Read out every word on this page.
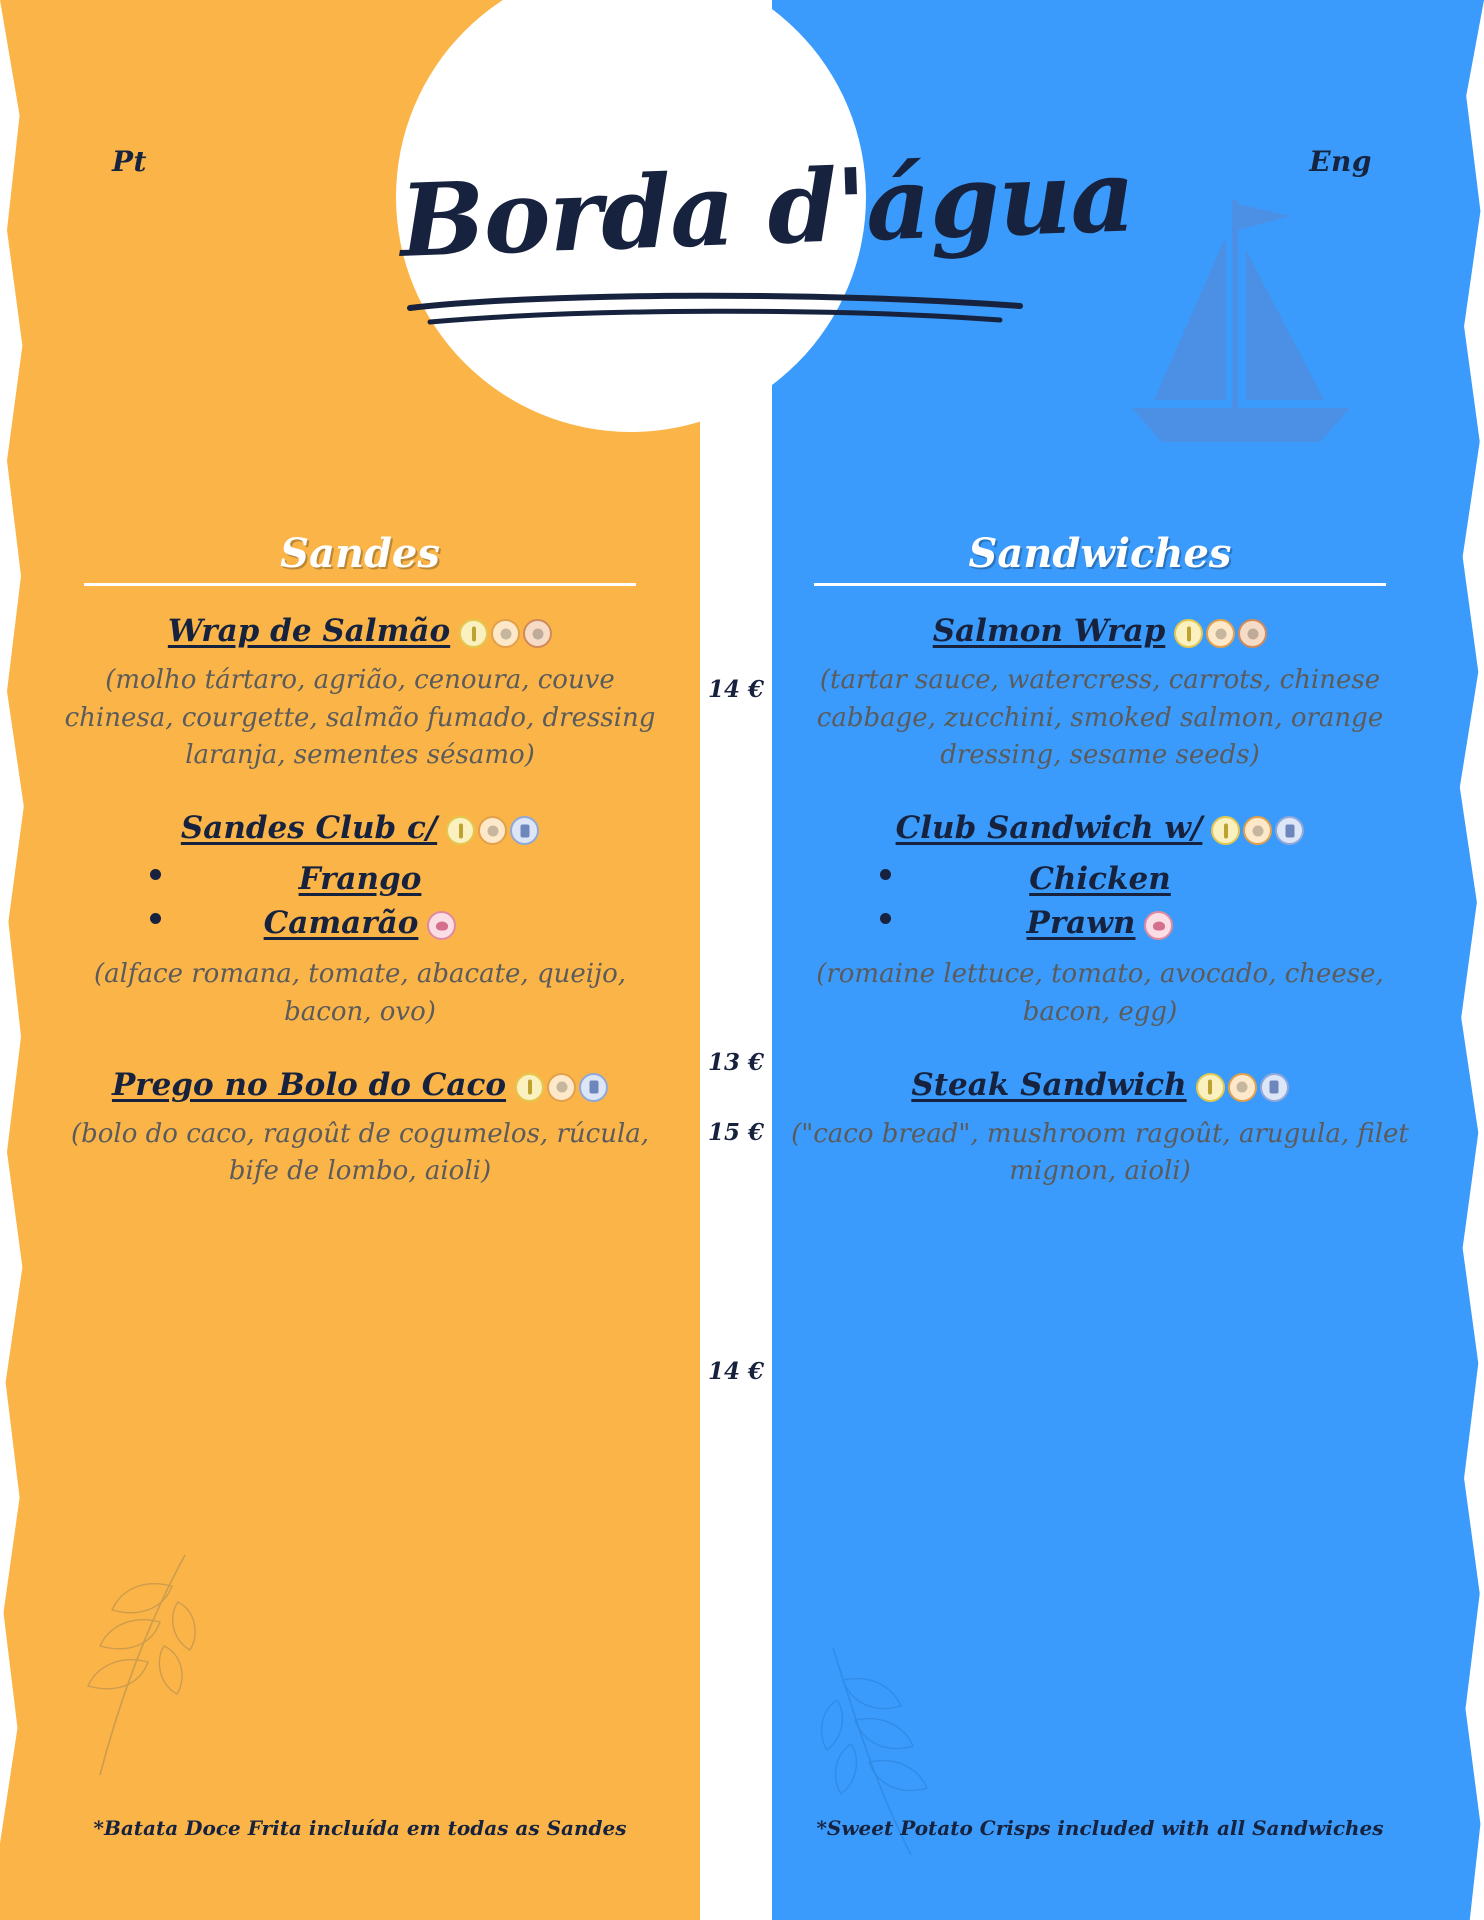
Pt	Eng
Borda d'água
Sandes
Wrap de Salmão
(molho tártaro, agrião, cenoura, couve chinesa, courgette, salmão fumado, dressing laranja, sementes sésamo)
Sandes Club c/
Frango
Camarão
(alface romana, tomate, abacate, queijo, bacon, ovo)
Prego no Bolo do Caco
(bolo do caco, ragoût de cogumelos, rúcula, bife de lombo, aioli)
Sandwiches
Salmon Wrap
(tartar sauce, watercress, carrots, chinese cabbage, zucchini, smoked salmon, orange dressing, sesame seeds)
Club Sandwich w/
Chicken
Prawn
(romaine lettuce, tomato, avocado, cheese, bacon, egg)
Steak Sandwich
("caco bread", mushroom ragoût, arugula, filet mignon, aioli)
14 €
13 €
15 €
14 €
*Batata Doce Frita incluída em todas as Sandes	*Sweet Potato Crisps included with all Sandwiches
